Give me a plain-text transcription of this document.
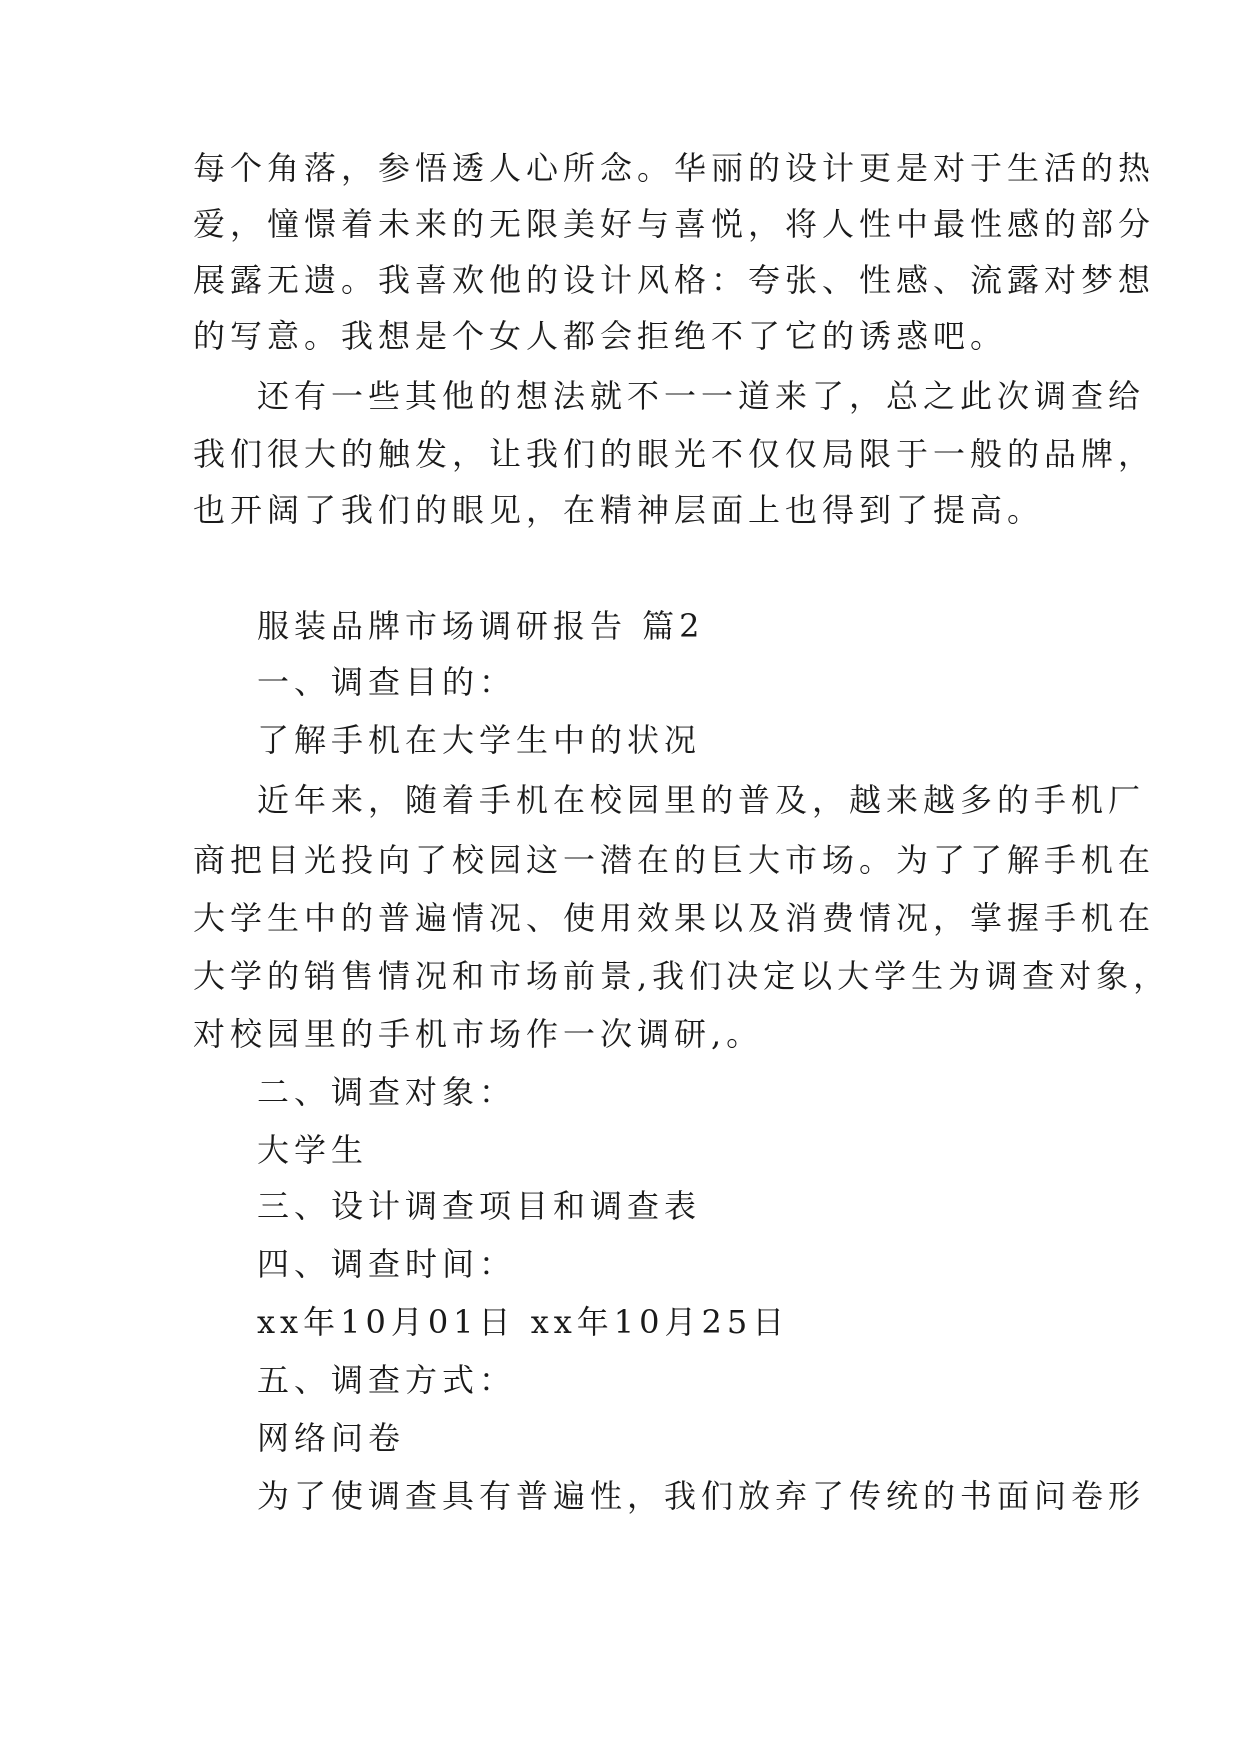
每个角落，参悟透人心所念。华丽的设计更是对于生活的热
爱，憧憬着未来的无限美好与喜悦，将人性中最性感的部分
展露无遗。我喜欢他的设计风格：夸张、性感、流露对梦想
的写意。我想是个女人都会拒绝不了它的诱惑吧。
还有一些其他的想法就不一一道来了，总之此次调查给
我们很大的触发，让我们的眼光不仅仅局限于一般的品牌，
也开阔了我们的眼见，在精神层面上也得到了提高。
服装品牌市场调研报告 篇2
一、调查目的：
了解手机在大学生中的状况
近年来，随着手机在校园里的普及，越来越多的手机厂
商把目光投向了校园这一潜在的巨大市场。为了了解手机在
大学生中的普遍情况、使用效果以及消费情况，掌握手机在
大学的销售情况和市场前景,我们决定以大学生为调查对象，
对校园里的手机市场作一次调研,。
二、调查对象：
大学生
三、设计调查项目和调查表
四、调查时间：
xx年10月01日 xx年10月25日
五、调查方式：
网络问卷
为了使调查具有普遍性，我们放弃了传统的书面问卷形
